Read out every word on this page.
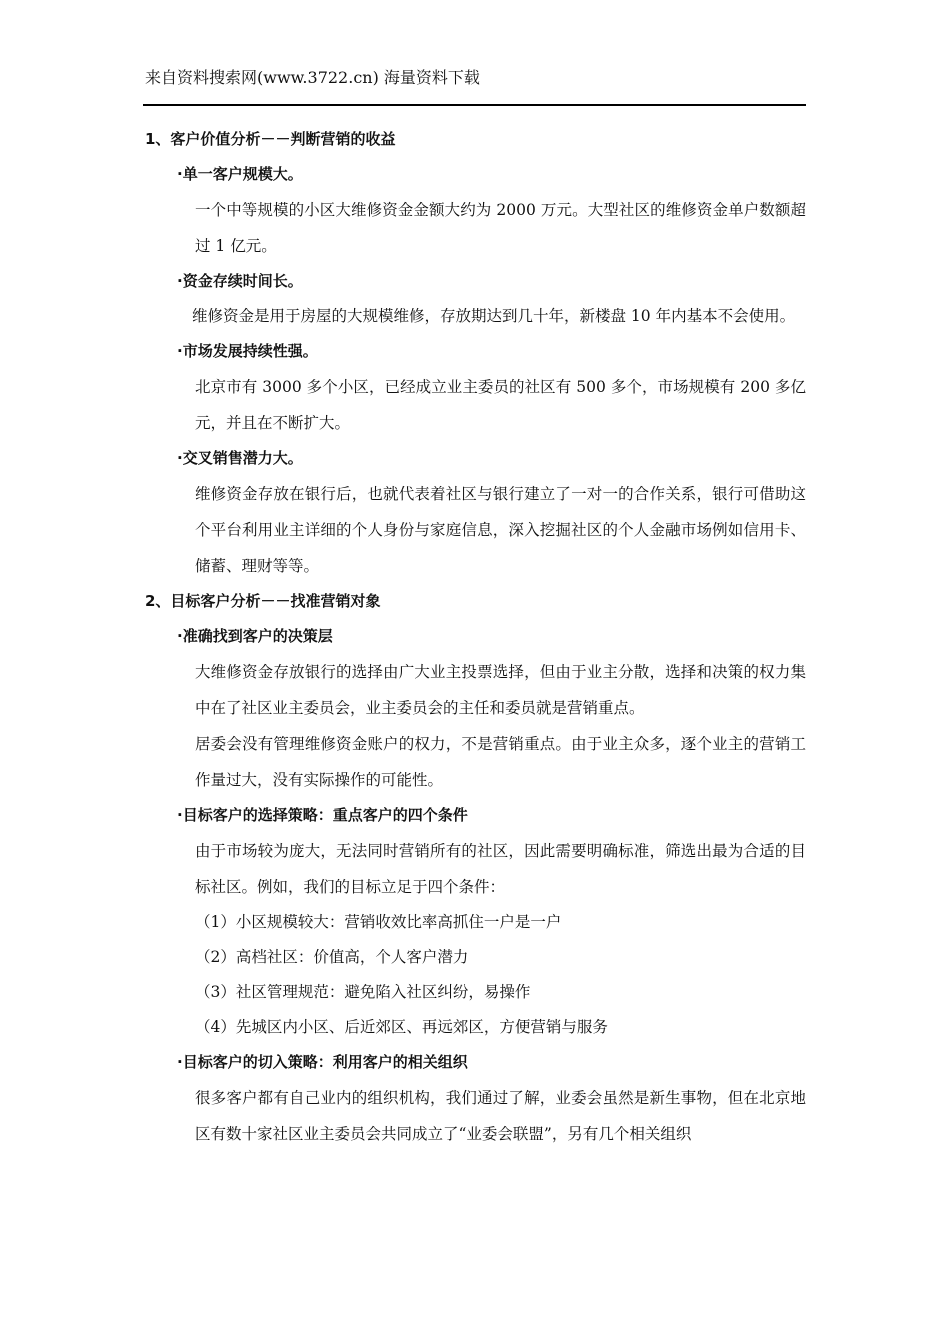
来自资料搜索网(www.3722.cn) 海量资料下载
1、客户价值分析－－判断营销的收益
·单一客户规模大。
一个中等规模的小区大维修资金金额大约为 2000 万元。大型社区的维修资金单户数额超过 1 亿元。
·资金存续时间长。
维修资金是用于房屋的大规模维修，存放期达到几十年，新楼盘 10 年内基本不会使用。
·市场发展持续性强。
北京市有 3000 多个小区，已经成立业主委员的社区有 500 多个，市场规模有 200 多亿元，并且在不断扩大。
·交叉销售潜力大。
维修资金存放在银行后，也就代表着社区与银行建立了一对一的合作关系，银行可借助这个平台利用业主详细的个人身份与家庭信息，深入挖掘社区的个人金融市场例如信用卡、储蓄、理财等等。
2、目标客户分析－－找准营销对象
·准确找到客户的决策层
大维修资金存放银行的选择由广大业主投票选择，但由于业主分散，选择和决策的权力集中在了社区业主委员会，业主委员会的主任和委员就是营销重点。
居委会没有管理维修资金账户的权力，不是营销重点。由于业主众多，逐个业主的营销工作量过大，没有实际操作的可能性。
·目标客户的选择策略：重点客户的四个条件
由于市场较为庞大，无法同时营销所有的社区，因此需要明确标准，筛选出最为合适的目标社区。例如，我们的目标立足于四个条件：
（1）小区规模较大：营销收效比率高抓住一户是一户
（2）高档社区：价值高，个人客户潜力
（3）社区管理规范：避免陷入社区纠纷，易操作
（4）先城区内小区、后近郊区、再远郊区，方便营销与服务
·目标客户的切入策略：利用客户的相关组织
很多客户都有自己业内的组织机构，我们通过了解，业委会虽然是新生事物，但在北京地区有数十家社区业主委员会共同成立了“业委会联盟”，另有几个相关组织
